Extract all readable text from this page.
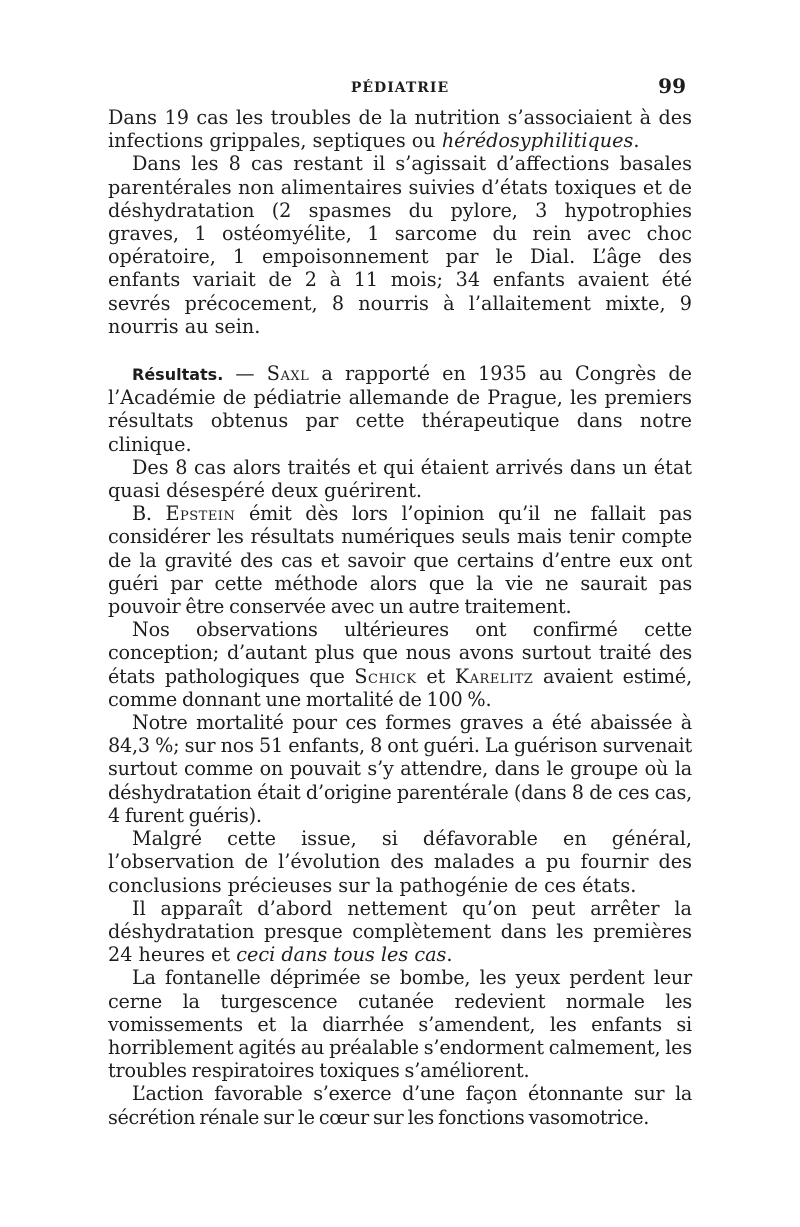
PÉDIATRIE	99

Dans 19 cas les troubles de la nutrition s’associaient à des infections grippales, septiques ou hérédosyphilitiques.

Dans les 8 cas restant il s’agissait d’affections basales parentérales non alimentaires suivies d’états toxiques et de déshydratation (2 spasmes du pylore, 3 hypotrophies graves, 1 ostéomyélite, 1 sarcome du rein avec choc opératoire, 1 empoisonnement par le Dial. L’âge des enfants variait de 2 à 11 mois; 34 enfants avaient été sevrés précocement, 8 nourris à l’allaitement mixte, 9 nourris au sein.

Résultats. — Saxl a rapporté en 1935 au Congrès de l’Académie de pédiatrie allemande de Prague, les premiers résultats obtenus par cette thérapeutique dans notre clinique.

Des 8 cas alors traités et qui étaient arrivés dans un état quasi désespéré deux guérirent.

B. Epstein émit dès lors l’opinion qu’il ne fallait pas considérer les résultats numériques seuls mais tenir compte de la gravité des cas et savoir que certains d’entre eux ont guéri par cette méthode alors que la vie ne saurait pas pouvoir être conservée avec un autre traitement.

Nos observations ultérieures ont confirmé cette conception; d’autant plus que nous avons surtout traité des états pathologiques que Schick et Karelitz avaient estimé, comme donnant une mortalité de 100 %.

Notre mortalité pour ces formes graves a été abaissée à 84,3 %; sur nos 51 enfants, 8 ont guéri. La guérison survenait surtout comme on pouvait s’y attendre, dans le groupe où la déshydratation était d’origine parentérale (dans 8 de ces cas, 4 furent guéris).

Malgré cette issue, si défavorable en général, l’observation de l’évolution des malades a pu fournir des conclusions précieuses sur la pathogénie de ces états.

Il apparaît d’abord nettement qu’on peut arrêter la déshydratation presque complètement dans les premières 24 heures et ceci dans tous les cas.

La fontanelle déprimée se bombe, les yeux perdent leur cerne la turgescence cutanée redevient normale les vomissements et la diarrhée s’amendent, les enfants si horriblement agités au préalable s’endorment calmement, les troubles respiratoires toxiques s’améliorent.

L’action favorable s’exerce d’une façon étonnante sur la sécrétion rénale sur le cœur sur les fonctions vasomotrice.
